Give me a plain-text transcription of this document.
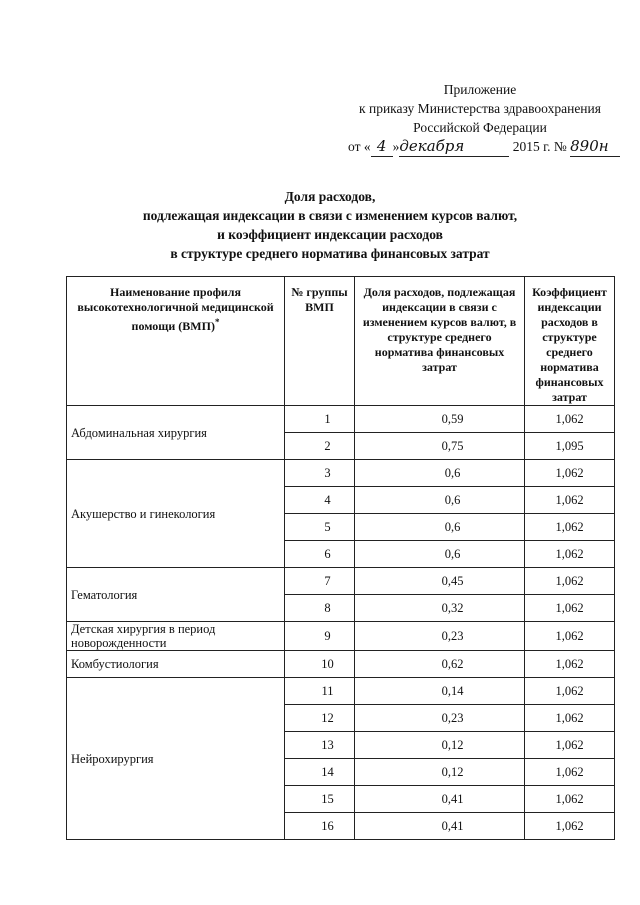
Приложение
к приказу Министерства здравоохранения
Российской Федерации
от « 4 »декабря	2015 г. № 890н
Доля расходов,
подлежащая индексации в связи с изменением курсов валют,
и коэффициент индексации расходов
в структуре среднего норматива финансовых затрат
Наименование профиля высокотехнологичной медицинской помощи (ВМП)*	№ группы ВМП	Доля расходов, подлежащая индексации в связи с изменением курсов валют, в структуре среднего норматива финансовых затрат	Коэффициент индексации расходов в структуре среднего норматива финансовых затрат
Абдоминальная хирургия	1	0,59	1,062
	2	0,75	1,095
Акушерство и гинекология	3	0,6	1,062
	4	0,6	1,062
	5	0,6	1,062
	6	0,6	1,062
Гематология	7	0,45	1,062
	8	0,32	1,062
Детская хирургия в период новорожденности	9	0,23	1,062
Комбустиология	10	0,62	1,062
Нейрохирургия	11	0,14	1,062
	12	0,23	1,062
	13	0,12	1,062
	14	0,12	1,062
	15	0,41	1,062
	16	0,41	1,062
